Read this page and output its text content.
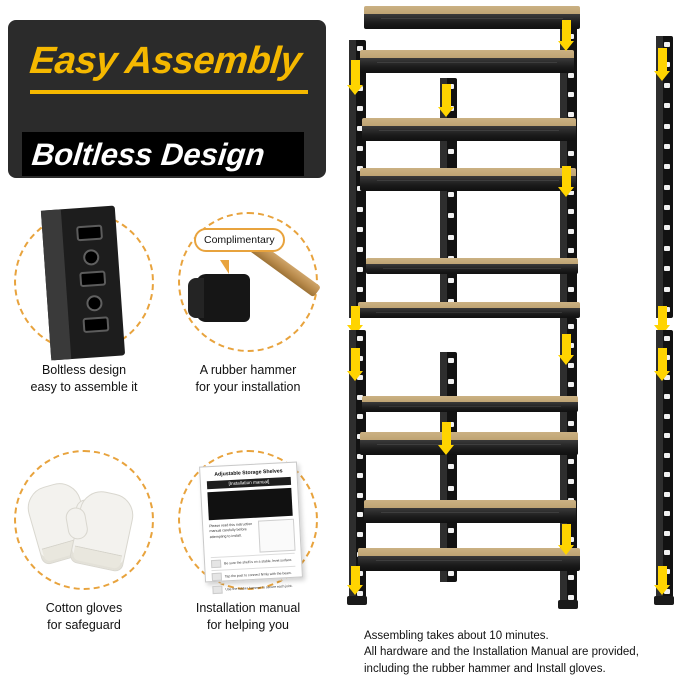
Easy Assembly
Boltless Design
Boltless design
easy to assemble it
Complimentary
A rubber hammer
for your installation
Cotton gloves
for safeguard
Adjustable Storage Shelves
[Installation manual]
Please read this instruction manual carefully before attempting to install.
Be sure the shelf is on a stable, level surface.
Tap the post to connect firmly with the beam.
Use the rubber hammer to secure each joint.
Installation manual
for helping you
Assembling takes about 10 minutes.
All hardware and the Installation Manual are provided,
including the rubber hammer and Install gloves.
